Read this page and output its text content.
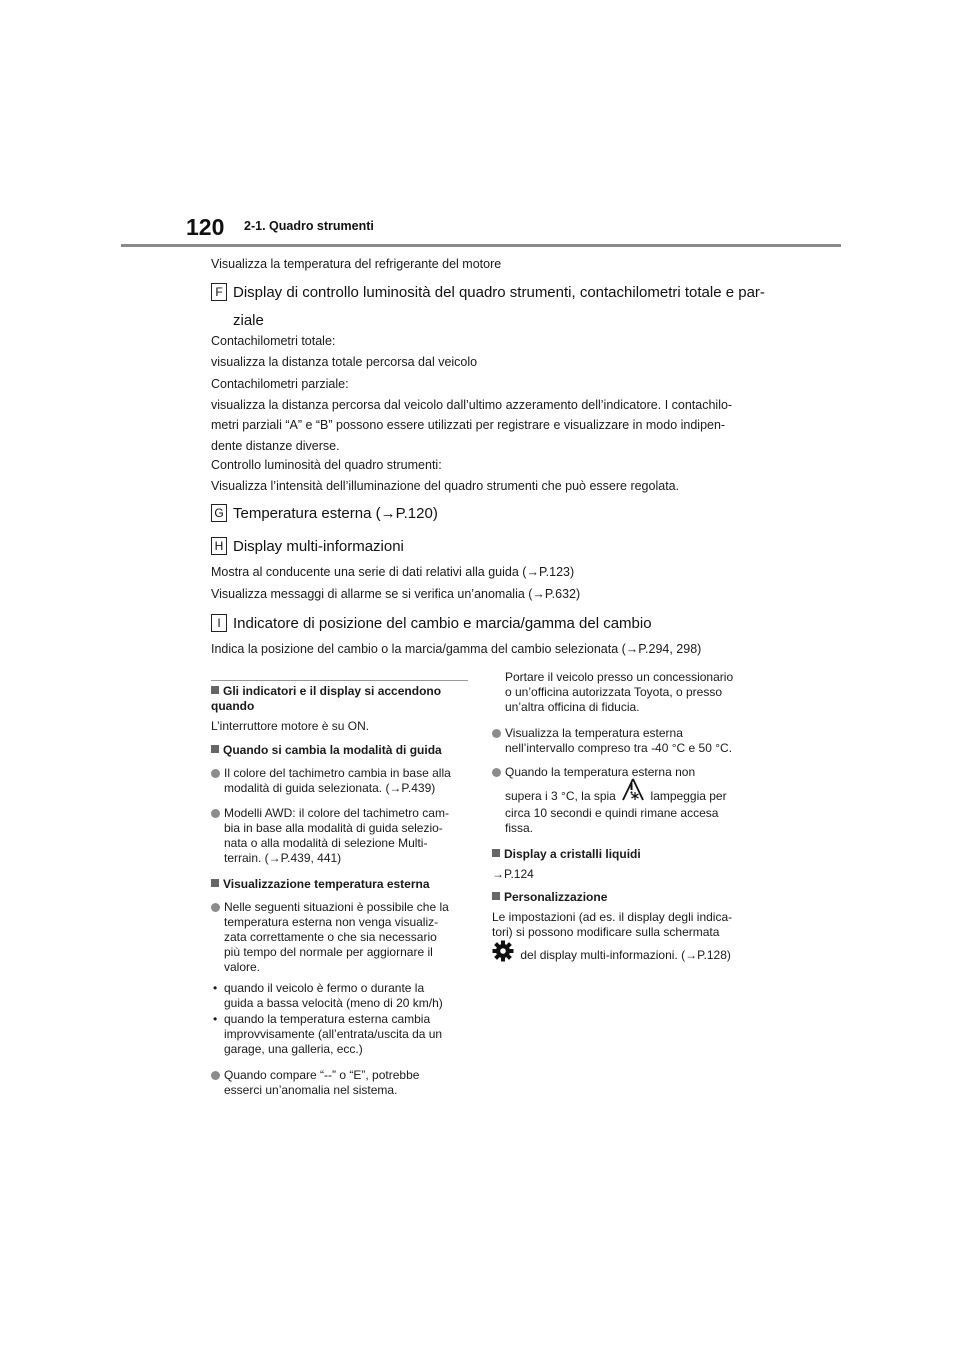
120 2-1. Quadro strumenti
Visualizza la temperatura del refrigerante del motore
F Display di controllo luminosità del quadro strumenti, contachilometri totale e par-
ziale
Contachilometri totale:
visualizza la distanza totale percorsa dal veicolo
Contachilometri parziale:
visualizza la distanza percorsa dal veicolo dall’ultimo azzeramento dell’indicatore. I contachilo-
metri parziali “A” e “B” possono essere utilizzati per registrare e visualizzare in modo indipen-
dente distanze diverse.
Controllo luminosità del quadro strumenti:
Visualizza l’intensità dell’illuminazione del quadro strumenti che può essere regolata.
G Temperatura esterna (→P.120)
H Display multi-informazioni
Mostra al conducente una serie di dati relativi alla guida (→P.123)
Visualizza messaggi di allarme se si verifica un’anomalia (→P.632)
I Indicatore di posizione del cambio e marcia/gamma del cambio
Indica la posizione del cambio o la marcia/gamma del cambio selezionata (→P.294, 298)
Gli indicatori e il display si accendono
quando
L’interruttore motore è su ON.
Quando si cambia la modalità di guida
Il colore del tachimetro cambia in base alla
modalità di guida selezionata. (→P.439)
Modelli AWD: il colore del tachimetro cam-
bia in base alla modalità di guida selezio-
nata o alla modalità di selezione Multi-
terrain. (→P.439, 441)
Visualizzazione temperatura esterna
Nelle seguenti situazioni è possibile che la
temperatura esterna non venga visualiz-
zata correttamente o che sia necessario
più tempo del normale per aggiornare il
valore.
• quando il veicolo è fermo o durante la
guida a bassa velocità (meno di 20 km/h)
• quando la temperatura esterna cambia
improvvisamente (all’entrata/uscita da un
garage, una galleria, ecc.)
Quando compare “--” o “E”, potrebbe
esserci un’anomalia nel sistema.
Portare il veicolo presso un concessionario
o un’officina autorizzata Toyota, o presso
un’altra officina di fiducia.
Visualizza la temperatura esterna
nell’intervallo compreso tra -40 °C e 50 °C.
Quando la temperatura esterna non
supera i 3 °C, la spia	lampeggia per
circa 10 secondi e quindi rimane accesa
fissa.
Display a cristalli liquidi
→P.124
Personalizzazione
Le impostazioni (ad es. il display degli indica-
tori) si possono modificare sulla schermata
del display multi-informazioni. (→P.128)
